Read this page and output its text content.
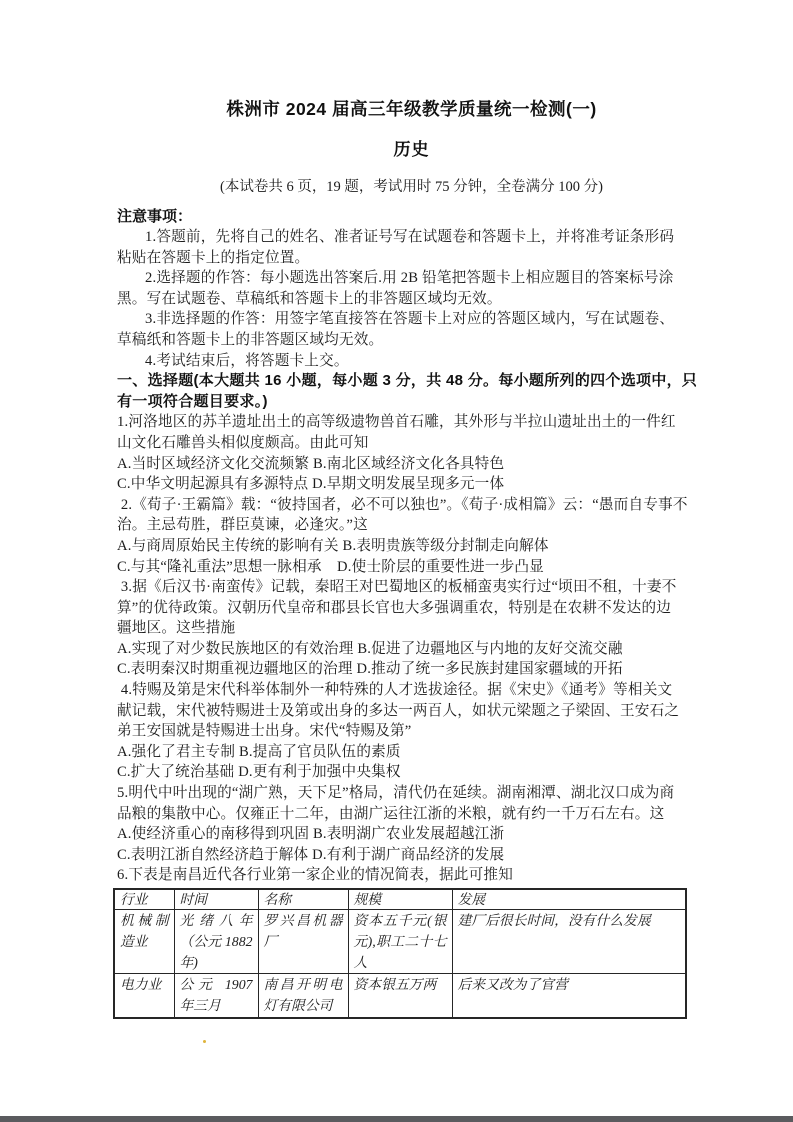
株洲市 2024 届高三年级教学质量统一检测(一)
历史
(本试卷共 6 页，19 题，考试用时 75 分钟，全卷满分 100 分)
注意事项：
1.答题前，先将自己的姓名、准者证号写在试题卷和答题卡上，并将准考证条形码
粘贴在答题卡上的指定位置。
2.选择题的作答：每小题选出答案后.用 2B 铅笔把答题卡上相应题目的答案标号涂
黑。写在试题卷、草稿纸和答题卡上的非答题区域均无效。
3.非选择题的作答：用签字笔直接答在答题卡上对应的答题区域内，写在试题卷、
草稿纸和答题卡上的非答题区域均无效。
4.考试结束后，将答题卡上交。
一、选择题(本大题共 16 小题，每小题 3 分，共 48 分。每小题所列的四个选项中，只
有一项符合题目要求。)
1.河洛地区的苏羊遗址出土的高等级遗物兽首石雕，其外形与半拉山遗址出土的一件红
山文化石雕兽头相似度颇高。由此可知
A.当时区域经济文化交流频繁 B.南北区域经济文化各具特色
C.中华文明起源具有多源特点 D.早期文明发展呈现多元一体
2.《荀子·王霸篇》载：“彼持国者，必不可以独也”。《荀子·成相篇》云：“愚而自专事不
治。主忌苟胜，群臣莫谏，必逢灾。”这
A.与商周原始民主传统的影响有关 B.表明贵族等级分封制走向解体
C.与其“隆礼重法”思想一脉相承    D.使士阶层的重要性进一步凸显
3.据《后汉书·南蛮传》记载，秦昭王对巴蜀地区的板桶蛮夷实行过“顷田不租，十妻不
算”的优待政策。汉朝历代皇帝和郡县长官也大多强调重农，特别是在农耕不发达的边
疆地区。这些措施
A.实现了对少数民族地区的有效治理 B.促进了边疆地区与内地的友好交流交融
C.表明秦汉时期重视边疆地区的治理 D.推动了统一多民族封建国家疆域的开拓
4.特赐及第是宋代科举体制外一种特殊的人才选拔途径。据《宋史》《通考》等相关文
献记载，宋代被特赐进士及第或出身的多达一两百人，如状元梁题之子梁固、王安石之
弟王安国就是特赐进士出身。宋代“特赐及第”
A.强化了君主专制 B.提高了官员队伍的素质
C.扩大了统治基础 D.更有利于加强中央集权
5.明代中叶出现的“湖广熟，天下足”格局，清代仍在延续。湖南湘潭、湖北汉口成为商
品粮的集散中心。仅雍正十二年，由湖广运往江浙的米粮，就有约一千万石左右。这
A.使经济重心的南移得到巩固 B.表明湖广农业发展超越江浙
C.表明江浙自然经济趋于解体 D.有利于湖广商品经济的发展
6.下表是南昌近代各行业第一家企业的情况简表，据此可推知
行业	时间	名称	规模	发展
机械制造业	光绪八年（公元 1882 年)	罗兴昌机器厂	资本五千元(银元),职工二十七人	建厂后很长时间，没有什么发展
电力业	公元 1907 年三月	南昌开明电灯有限公司	资本银五万两	后来又改为了官营
